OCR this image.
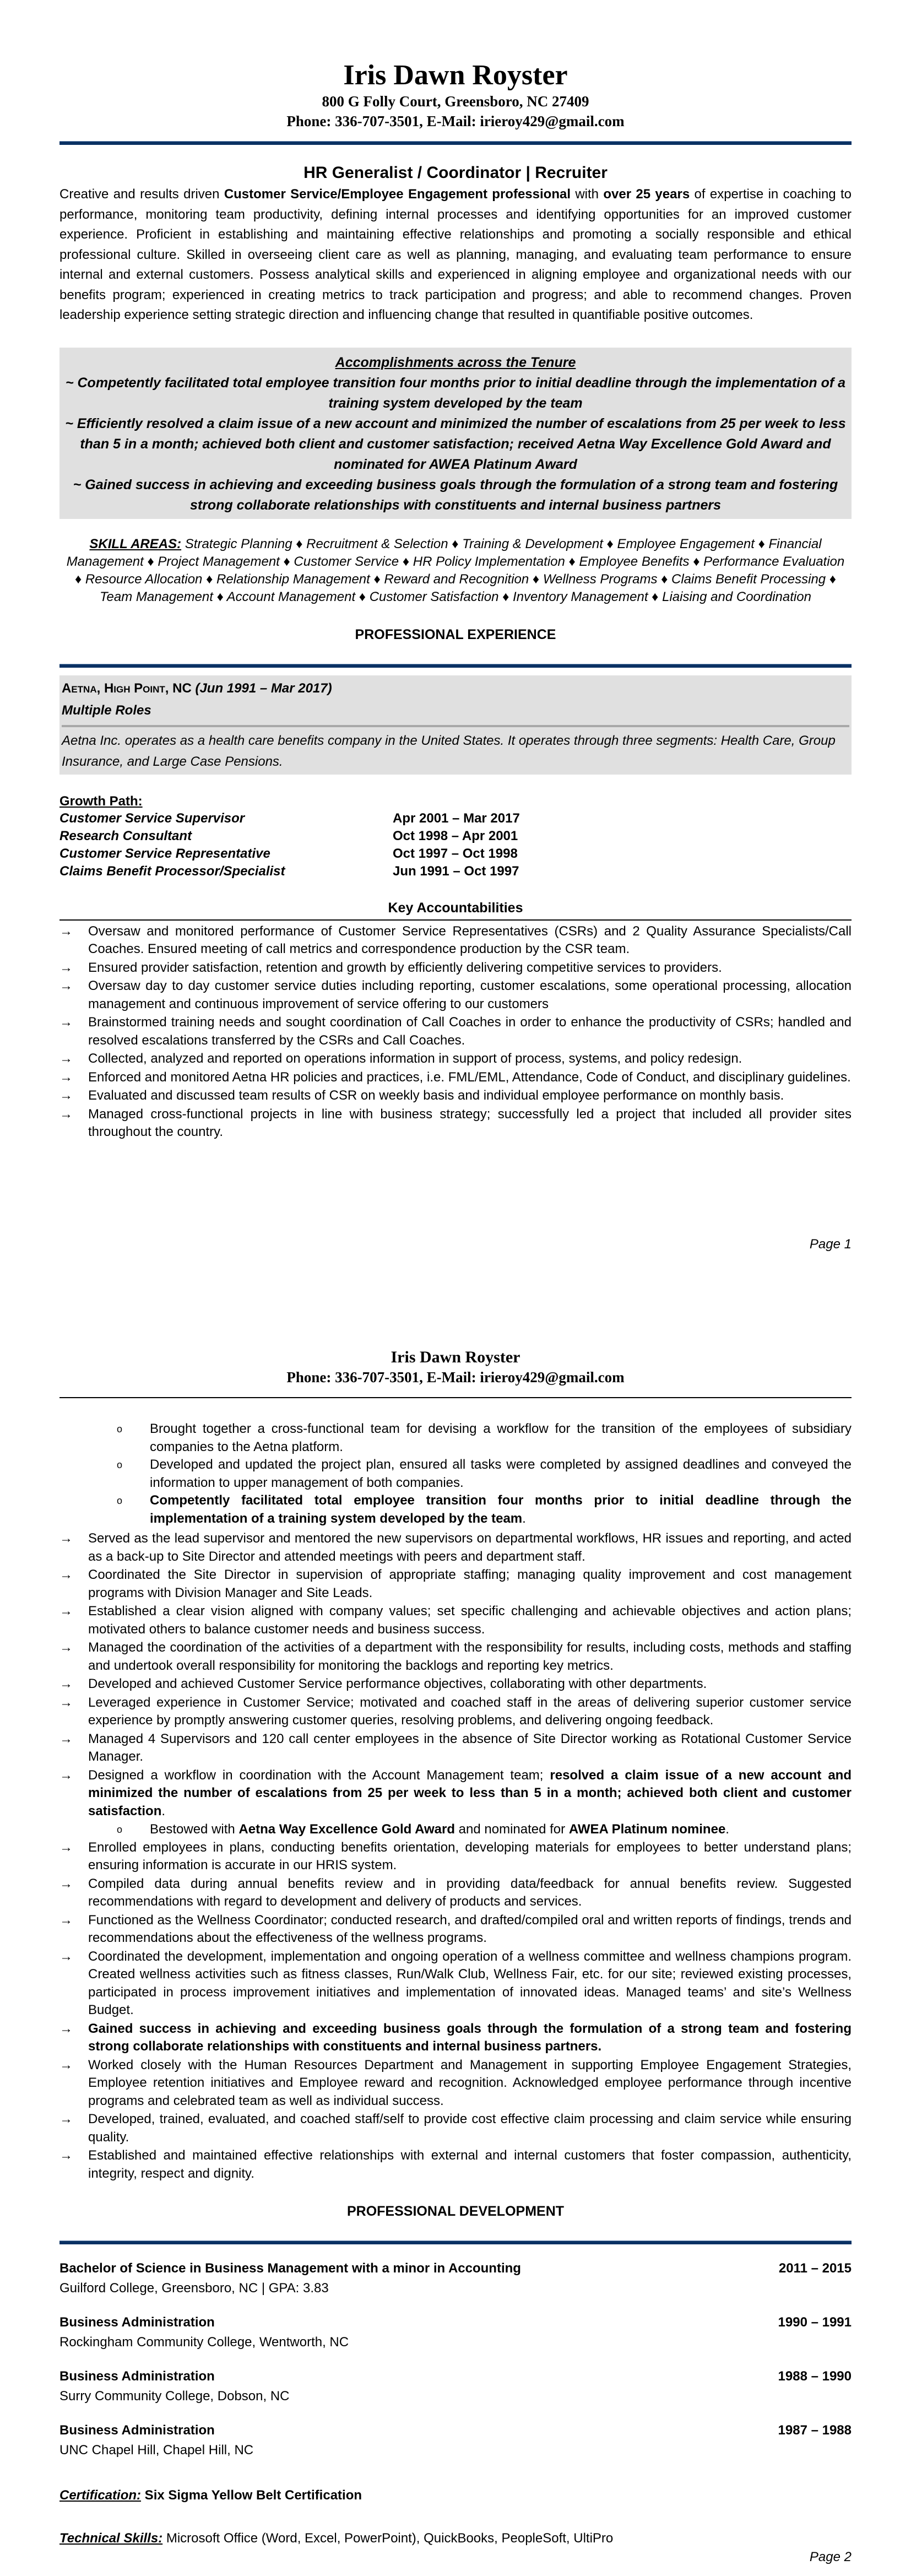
Iris Dawn Royster
800 G Folly Court, Greensboro, NC 27409
Phone: 336-707-3501, E-Mail: irieroy429@gmail.com
HR Generalist / Coordinator | Recruiter

Creative and results driven Customer Service/Employee Engagement professional with over 25 years of expertise in coaching to performance, monitoring team productivity, defining internal processes and identifying opportunities for an improved customer experience. Proficient in establishing and maintaining effective relationships and promoting a socially responsible and ethical professional culture. Skilled in overseeing client care as well as planning, managing, and evaluating team performance to ensure internal and external customers. Possess analytical skills and experienced in aligning employee and organizational needs with our benefits program; experienced in creating metrics to track participation and progress; and able to recommend changes. Proven leadership experience setting strategic direction and influencing change that resulted in quantifiable positive outcomes.

Accomplishments across the Tenure
~ Competently facilitated total employee transition four months prior to initial deadline through the implementation of a training system developed by the team
~ Efficiently resolved a claim issue of a new account and minimized the number of escalations from 25 per week to less than 5 in a month; achieved both client and customer satisfaction; received Aetna Way Excellence Gold Award and nominated for AWEA Platinum Award
~ Gained success in achieving and exceeding business goals through the formulation of a strong team and fostering strong collaborate relationships with constituents and internal business partners
SKILL AREAS: Strategic Planning ♦ Recruitment & Selection ♦ Training & Development ♦ Employee Engagement ♦ Financial Management ♦ Project Management ♦ Customer Service ♦ HR Policy Implementation ♦ Employee Benefits ♦ Performance Evaluation ♦ Resource Allocation ♦ Relationship Management ♦ Reward and Recognition ♦ Wellness Programs ♦ Claims Benefit Processing ♦ Team Management ♦ Account Management ♦ Customer Satisfaction ♦ Inventory Management ♦ Liaising and Coordination
PROFESSIONAL EXPERIENCE
Aetna, High Point, NC (Jun 1991 – Mar 2017)
Multiple Roles
Aetna Inc. operates as a health care benefits company in the United States. It operates through three segments: Health Care, Group Insurance, and Large Case Pensions.
Growth Path:
Customer Service Supervisor	Apr 2001 – Mar 2017
Research Consultant	Oct 1998 – Apr 2001
Customer Service Representative	Oct 1997 – Oct 1998
Claims Benefit Processor/Specialist	Jun 1991 – Oct 1997
Key Accountabilities
→	Oversaw and monitored performance of Customer Service Representatives (CSRs) and 2 Quality Assurance Specialists/Call Coaches. Ensured meeting of call metrics and correspondence production by the CSR team.
→	Ensured provider satisfaction, retention and growth by efficiently delivering competitive services to providers.
→	Oversaw day to day customer service duties including reporting, customer escalations, some operational processing, allocation management and continuous improvement of service offering to our customers
→	Brainstormed training needs and sought coordination of Call Coaches in order to enhance the productivity of CSRs; handled and resolved escalations transferred by the CSRs and Call Coaches.
→	Collected, analyzed and reported on operations information in support of process, systems, and policy redesign.
→	Enforced and monitored Aetna HR policies and practices, i.e. FML/EML, Attendance, Code of Conduct, and disciplinary guidelines.
→	Evaluated and discussed team results of CSR on weekly basis and individual employee performance on monthly basis.
→	Managed cross-functional projects in line with business strategy; successfully led a project that included all provider sites throughout the country.
Page 1
Iris Dawn Royster
Phone: 336-707-3501, E-Mail: irieroy429@gmail.com
o Brought together a cross-functional team for devising a workflow for the transition of the employees of subsidiary companies to the Aetna platform.
o Developed and updated the project plan, ensured all tasks were completed by assigned deadlines and conveyed the information to upper management of both companies.
o Competently facilitated total employee transition four months prior to initial deadline through the implementation of a training system developed by the team.
→	Served as the lead supervisor and mentored the new supervisors on departmental workflows, HR issues and reporting, and acted as a back-up to Site Director and attended meetings with peers and department staff.
→	Coordinated the Site Director in supervision of appropriate staffing; managing quality improvement and cost management programs with Division Manager and Site Leads.
→	Established a clear vision aligned with company values; set specific challenging and achievable objectives and action plans; motivated others to balance customer needs and business success.
→	Managed the coordination of the activities of a department with the responsibility for results, including costs, methods and staffing and undertook overall responsibility for monitoring the backlogs and reporting key metrics.
→	Developed and achieved Customer Service performance objectives, collaborating with other departments.
→	Leveraged experience in Customer Service; motivated and coached staff in the areas of delivering superior customer service experience by promptly answering customer queries, resolving problems, and delivering ongoing feedback.
→	Managed 4 Supervisors and 120 call center employees in the absence of Site Director working as Rotational Customer Service Manager.
→	Designed a workflow in coordination with the Account Management team; resolved a claim issue of a new account and minimized the number of escalations from 25 per week to less than 5 in a month; achieved both client and customer satisfaction.
o Bestowed with Aetna Way Excellence Gold Award and nominated for AWEA Platinum nominee.
→	Enrolled employees in plans, conducting benefits orientation, developing materials for employees to better understand plans; ensuring information is accurate in our HRIS system.
→	Compiled data during annual benefits review and in providing data/feedback for annual benefits review. Suggested recommendations with regard to development and delivery of products and services.
→	Functioned as the Wellness Coordinator; conducted research, and drafted/compiled oral and written reports of findings, trends and recommendations about the effectiveness of the wellness programs.
→	Coordinated the development, implementation and ongoing operation of a wellness committee and wellness champions program. Created wellness activities such as fitness classes, Run/Walk Club, Wellness Fair, etc. for our site; reviewed existing processes, participated in process improvement initiatives and implementation of innovated ideas. Managed teams’ and site’s Wellness Budget.
→	Gained success in achieving and exceeding business goals through the formulation of a strong team and fostering strong collaborate relationships with constituents and internal business partners.
→	Worked closely with the Human Resources Department and Management in supporting Employee Engagement Strategies, Employee retention initiatives and Employee reward and recognition. Acknowledged employee performance through incentive programs and celebrated team as well as individual success.
→	Developed, trained, evaluated, and coached staff/self to provide cost effective claim processing and claim service while ensuring quality.
→	Established and maintained effective relationships with external and internal customers that foster compassion, authenticity, integrity, respect and dignity.
PROFESSIONAL DEVELOPMENT
Bachelor of Science in Business Management with a minor in Accounting	2011 – 2015
Guilford College, Greensboro, NC | GPA: 3.83
Business Administration	1990 – 1991
Rockingham Community College, Wentworth, NC
Business Administration	1988 – 1990
Surry Community College, Dobson, NC
Business Administration	1987 – 1988
UNC Chapel Hill, Chapel Hill, NC
Certification: Six Sigma Yellow Belt Certification
Technical Skills: Microsoft Office (Word, Excel, PowerPoint), QuickBooks, PeopleSoft, UltiPro
Page 2
